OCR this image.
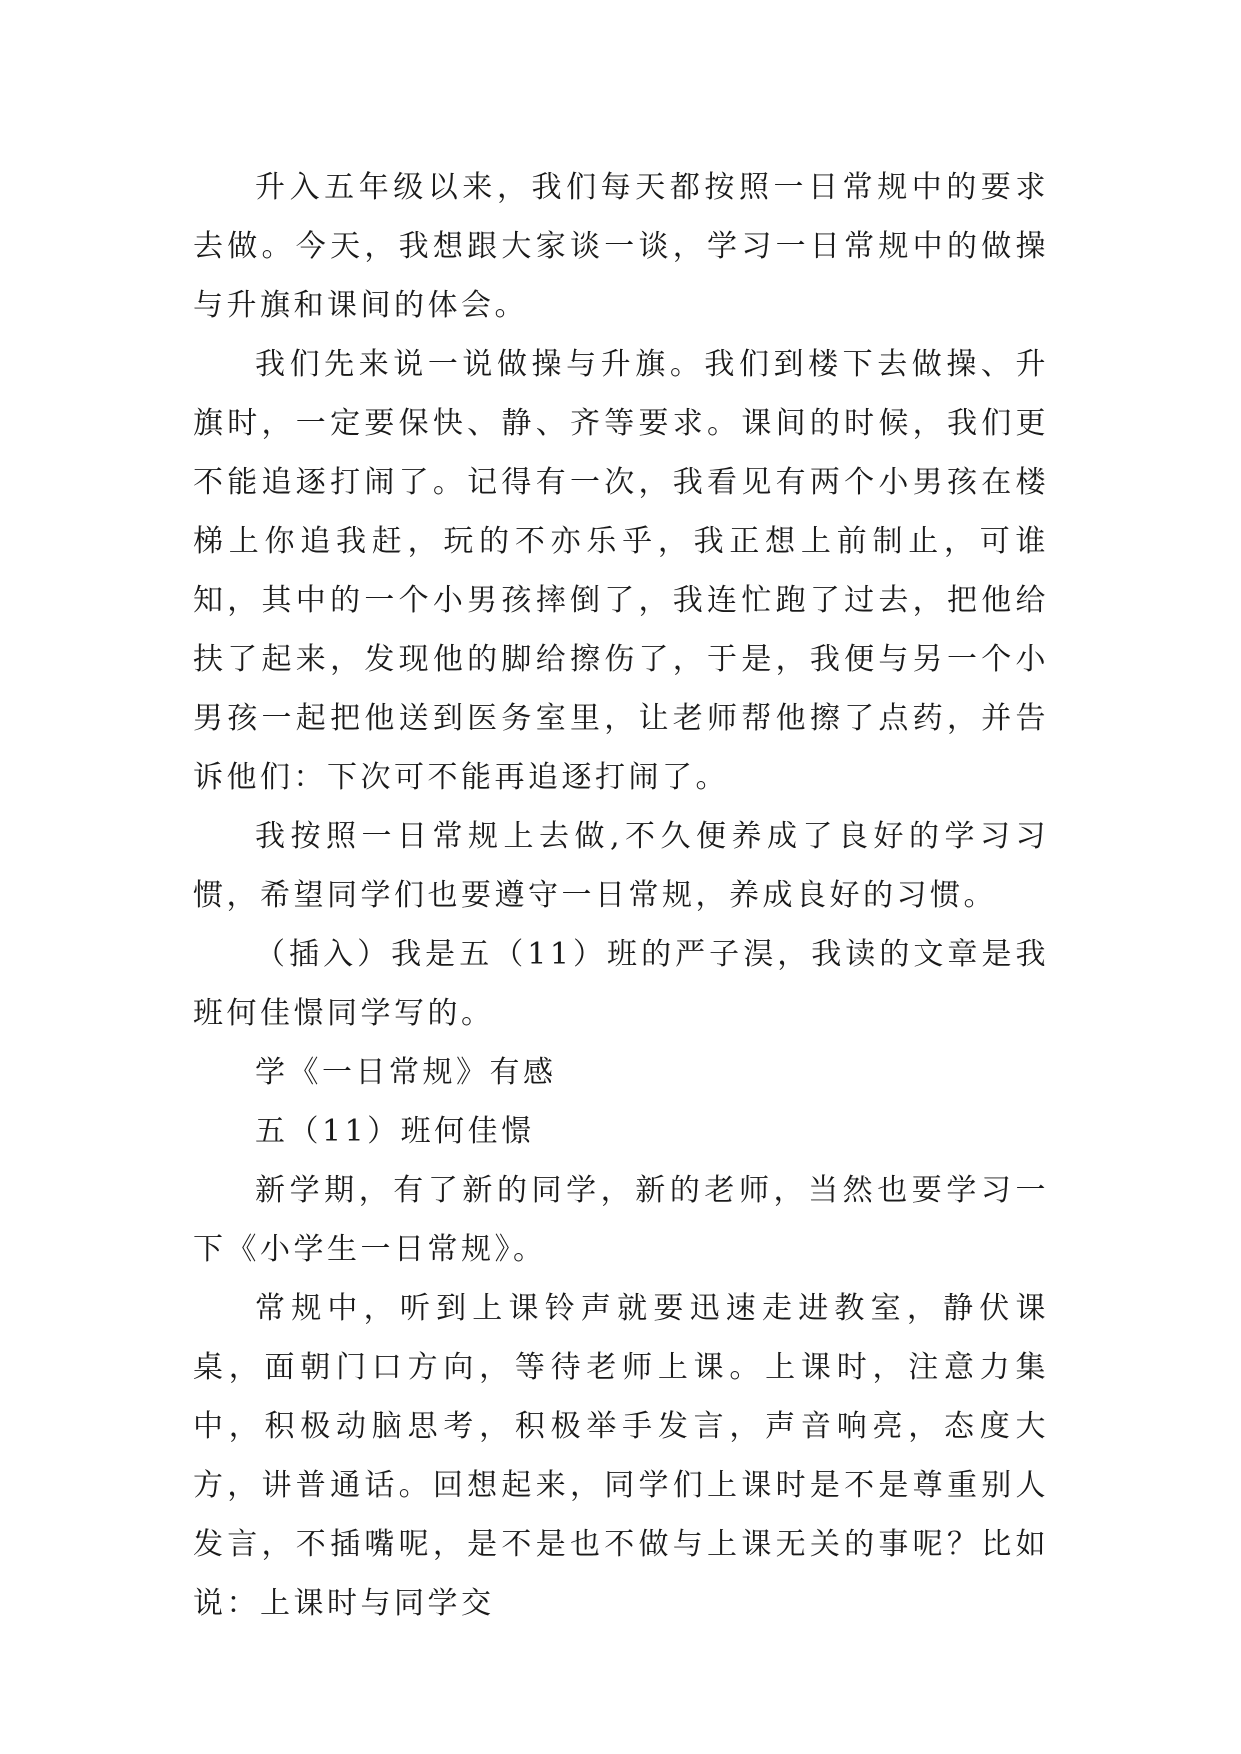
升入五年级以来，我们每天都按照一日常规中的要求去做。今天，我想跟大家谈一谈，学习一日常规中的做操与升旗和课间的体会。

我们先来说一说做操与升旗。我们到楼下去做操、升旗时，一定要保快、静、齐等要求。课间的时候，我们更不能追逐打闹了。记得有一次，我看见有两个小男孩在楼梯上你追我赶，玩的不亦乐乎，我正想上前制止，可谁知，其中的一个小男孩摔倒了，我连忙跑了过去，把他给扶了起来，发现他的脚给擦伤了，于是，我便与另一个小男孩一起把他送到医务室里，让老师帮他擦了点药，并告诉他们：下次可不能再追逐打闹了。

我按照一日常规上去做,不久便养成了良好的学习习惯，希望同学们也要遵守一日常规，养成良好的习惯。

（插入）我是五（11）班的严子淏，我读的文章是我班何佳憬同学写的。

学《一日常规》有感

五（11）班何佳憬

新学期，有了新的同学，新的老师，当然也要学习一下《小学生一日常规》。

常规中，听到上课铃声就要迅速走进教室，静伏课桌，面朝门口方向，等待老师上课。上课时，注意力集中，积极动脑思考，积极举手发言，声音响亮，态度大方，讲普通话。回想起来，同学们上课时是不是尊重别人发言，不插嘴呢，是不是也不做与上课无关的事呢？比如说：上课时与同学交
